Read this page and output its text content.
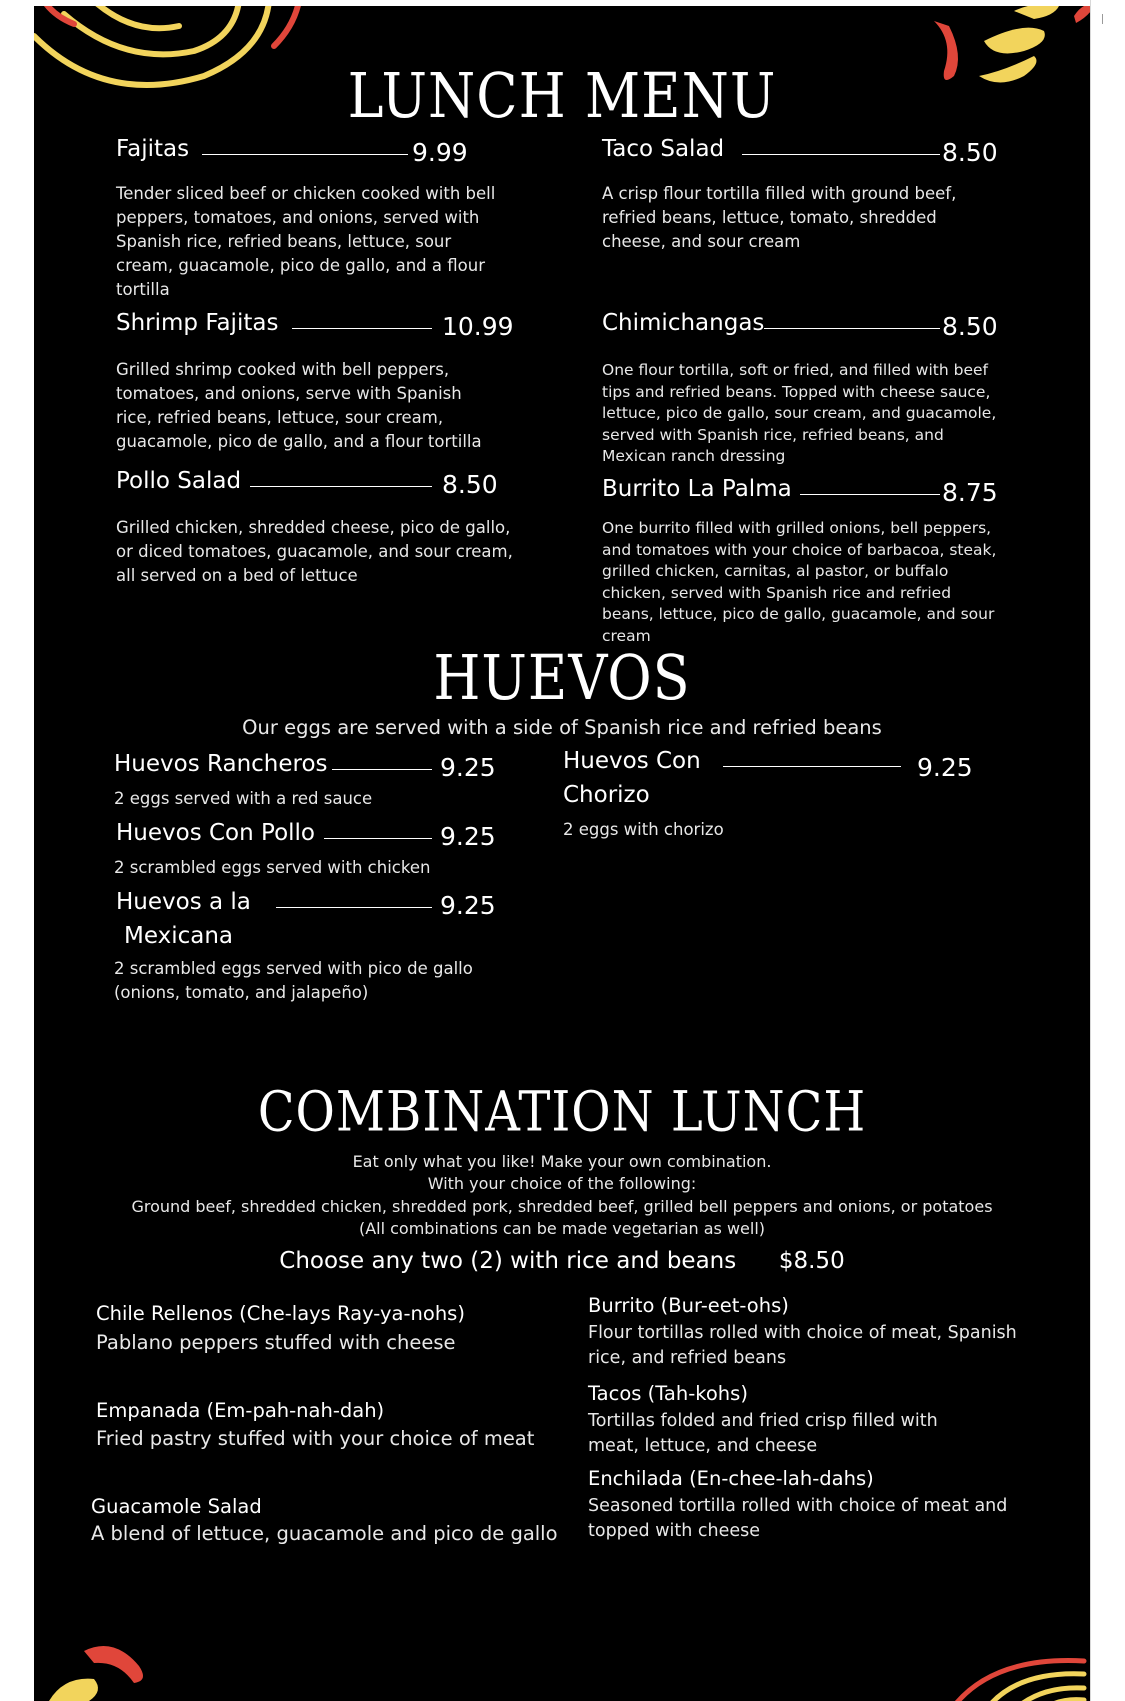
LUNCH MENU
Fajitas	9.99
Tender sliced beef or chicken cooked with bell peppers, tomatoes, and onions, served with Spanish rice, refried beans, lettuce, sour cream, guacamole, pico de gallo, and a flour tortilla
Taco Salad	8.50
A crisp flour tortilla filled with ground beef, refried beans, lettuce, tomato, shredded cheese, and sour cream
Shrimp Fajitas	10.99
Grilled shrimp cooked with bell peppers, tomatoes, and onions, serve with Spanish rice, refried beans, lettuce, sour cream, guacamole, pico de gallo, and a flour tortilla
Chimichangas	8.50
One flour tortilla, soft or fried, and filled with beef tips and refried beans. Topped with cheese sauce, lettuce, pico de gallo, sour cream, and guacamole, served with Spanish rice, refried beans, and Mexican ranch dressing
Pollo Salad	8.50
Grilled chicken, shredded cheese, pico de gallo, or diced tomatoes, guacamole, and sour cream, all served on a bed of lettuce
Burrito La Palma	8.75
One burrito filled with grilled onions, bell peppers, and tomatoes with your choice of barbacoa, steak, grilled chicken, carnitas, al pastor, or buffalo chicken, served with Spanish rice and refried beans, lettuce, pico de gallo, guacamole, and sour cream
HUEVOS
Our eggs are served with a side of Spanish rice and refried beans
Huevos Rancheros	9.25
2 eggs served with a red sauce
Huevos Con	9.25
Chorizo
2 eggs with chorizo
Huevos Con Pollo	9.25
2 scrambled eggs served with chicken
Huevos a la	9.25
Mexicana
2 scrambled eggs served with pico de gallo (onions, tomato, and jalapeño)
COMBINATION LUNCH
Eat only what you like! Make your own combination.
With your choice of the following:
Ground beef, shredded chicken, shredded pork, shredded beef, grilled bell peppers and onions, or potatoes
(All combinations can be made vegetarian as well)
Choose any two (2) with rice and beans $8.50
Chile Rellenos (Che-lays Ray-ya-nohs)
Pablano peppers stuffed with cheese
Empanada (Em-pah-nah-dah)
Fried pastry stuffed with your choice of meat
Guacamole Salad
A blend of lettuce, guacamole and pico de gallo
Burrito (Bur-eet-ohs)
Flour tortillas rolled with choice of meat, Spanish rice, and refried beans
Tacos (Tah-kohs)
Tortillas folded and fried crisp filled with meat, lettuce, and cheese
Enchilada (En-chee-lah-dahs)
Seasoned tortilla rolled with choice of meat and topped with cheese
